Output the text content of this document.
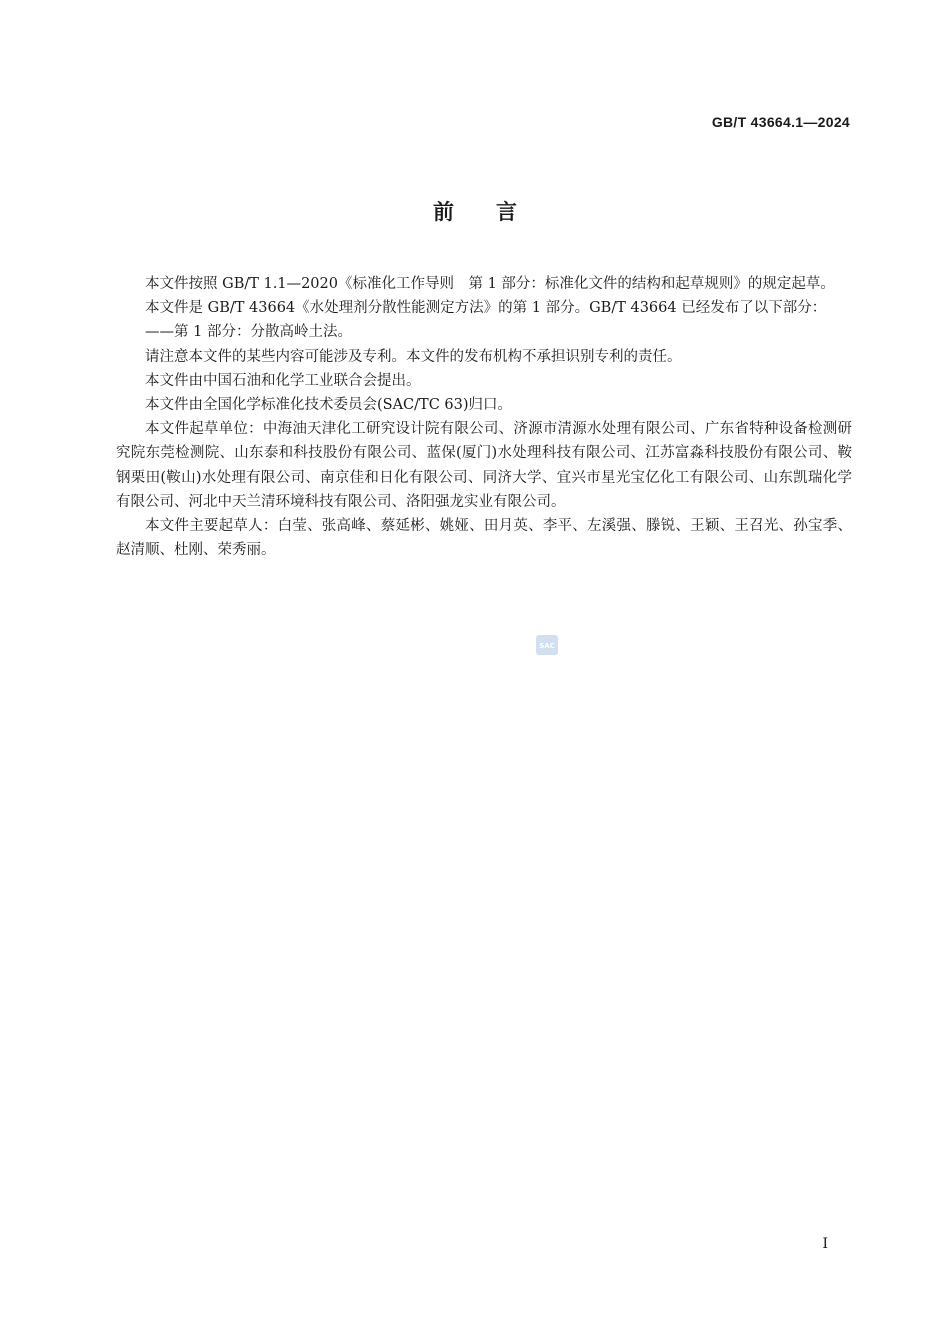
GB/T 43664.1—2024
前言

本文件按照 GB/T 1.1—2020《标准化工作导则　第 1 部分：标准化文件的结构和起草规则》的规定起草。

本文件是 GB/T 43664《水处理剂分散性能测定方法》的第 1 部分。GB/T 43664 已经发布了以下部分：

——第 1 部分：分散高岭土法。

请注意本文件的某些内容可能涉及专利。本文件的发布机构不承担识别专利的责任。

本文件由中国石油和化学工业联合会提出。

本文件由全国化学标准化技术委员会(SAC/TC 63)归口。

本文件起草单位：中海油天津化工研究设计院有限公司、济源市清源水处理有限公司、广东省特种设备检测研究院东莞检测院、山东泰和科技股份有限公司、蓝保(厦门)水处理科技有限公司、江苏富淼科技股份有限公司、鞍钢栗田(鞍山)水处理有限公司、南京佳和日化有限公司、同济大学、宜兴市星光宝亿化工有限公司、山东凯瑞化学有限公司、河北中天兰清环境科技有限公司、洛阳强龙实业有限公司。

本文件主要起草人：白莹、张高峰、蔡延彬、姚娅、田月英、李平、左溪强、滕锐、王颖、王召光、孙宝季、赵清顺、杜刚、荣秀丽。

SAC
I
